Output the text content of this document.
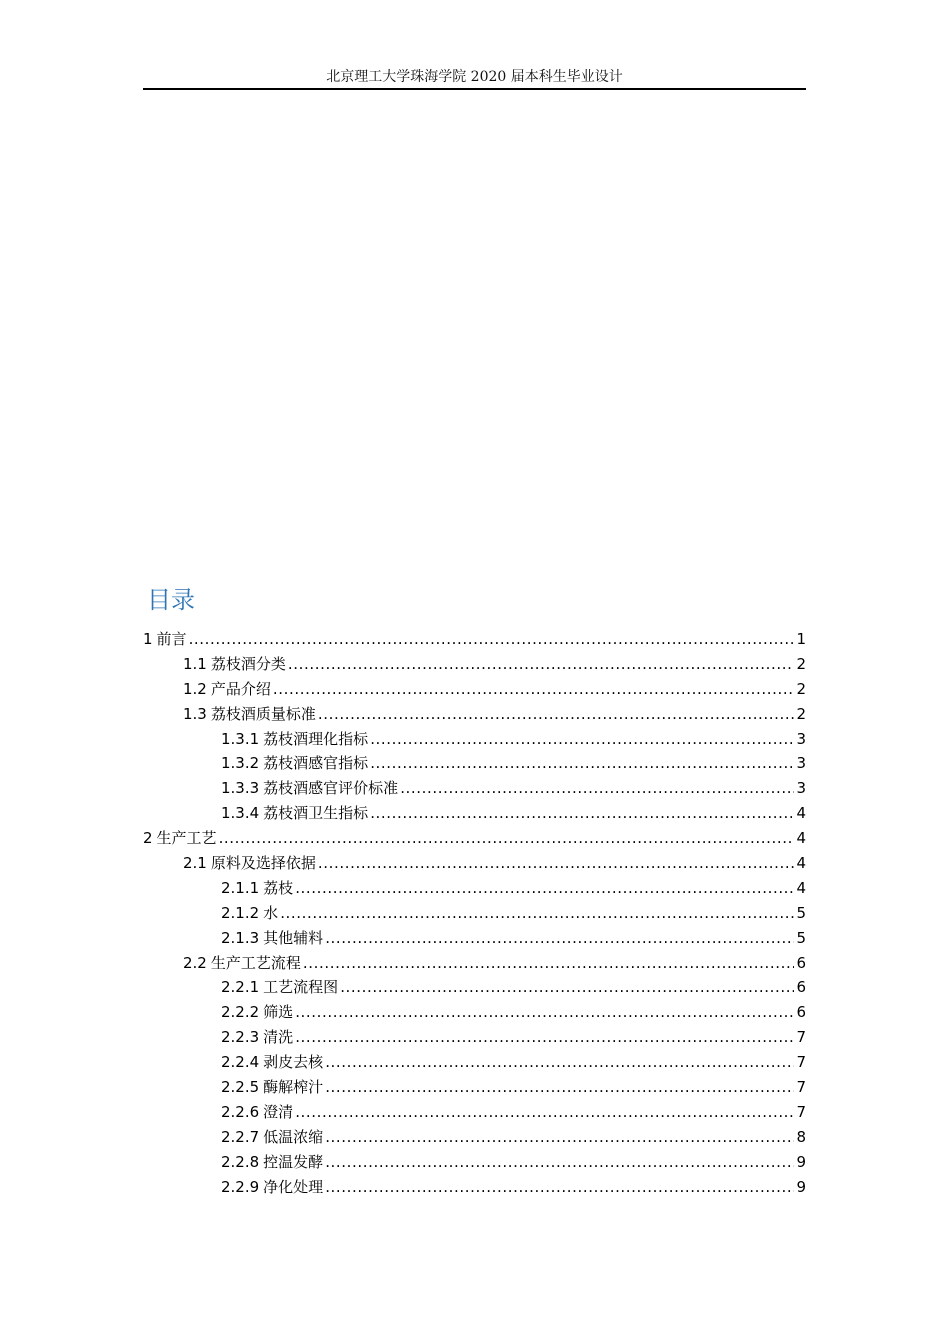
北京理工大学珠海学院 2020 届本科生毕业设计
目录
1 前言 .....	1
1.1 荔枝酒分类 .....	2
1.2 产品介绍 .....	2
1.3 荔枝酒质量标准 .....	2
1.3.1 荔枝酒理化指标 .....	3
1.3.2 荔枝酒感官指标 .....	3
1.3.3 荔枝酒感官评价标准 .....	3
1.3.4 荔枝酒卫生指标 .....	4
2 生产工艺 .....	4
2.1 原料及选择依据 .....	4
2.1.1 荔枝 .....	4
2.1.2 水 .....	5
2.1.3 其他辅料 .....	5
2.2 生产工艺流程 .....	6
2.2.1 工艺流程图 .....	6
2.2.2 筛选 .....	6
2.2.3 清洗 .....	7
2.2.4 剥皮去核 .....	7
2.2.5 酶解榨汁 .....	7
2.2.6 澄清 .....	7
2.2.7 低温浓缩 .....	8
2.2.8 控温发酵 .....	9
2.2.9 净化处理 .....	9
